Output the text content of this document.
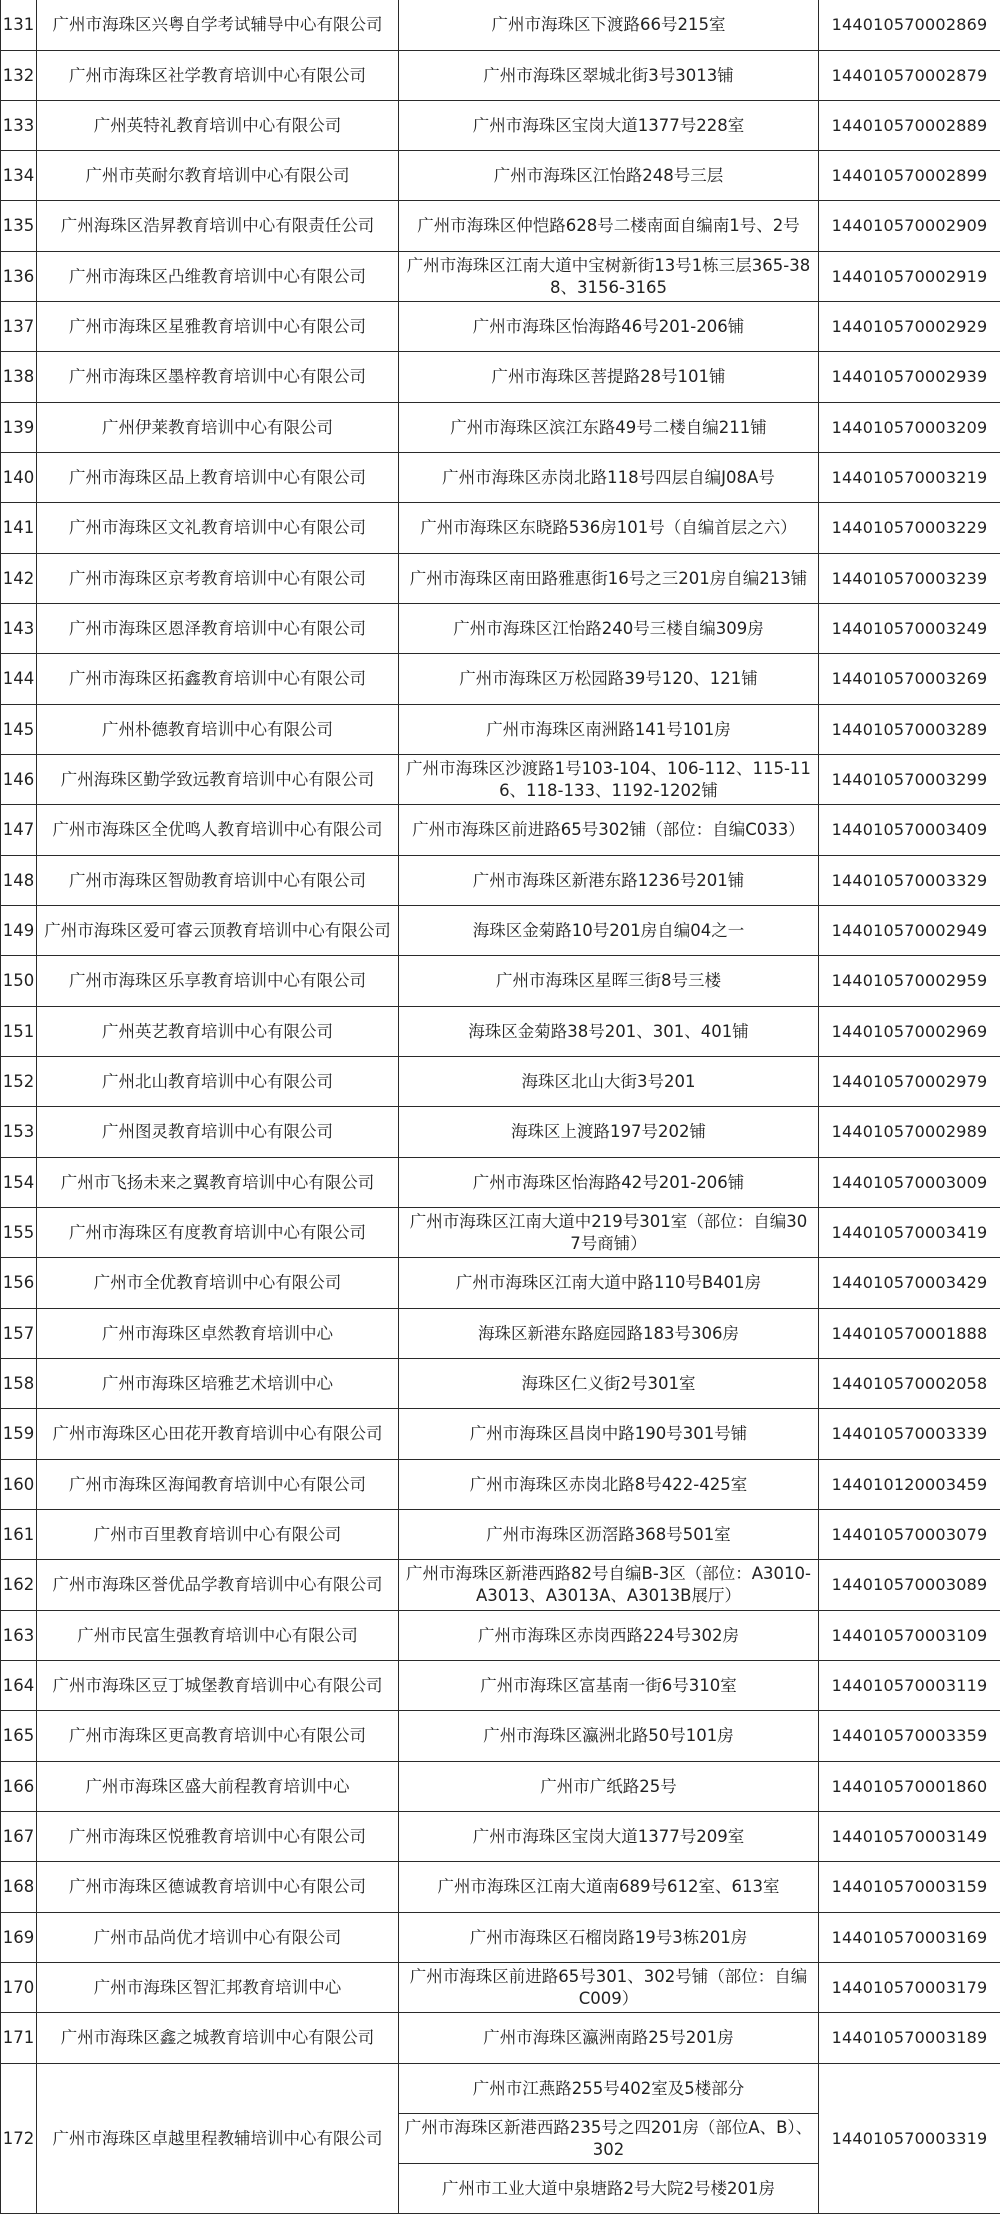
131	广州市海珠区兴粤自学考试辅导中心有限公司	广州市海珠区下渡路66号215室	144010570002869
132	广州市海珠区社学教育培训中心有限公司	广州市海珠区翠城北街3号3013铺	144010570002879
133	广州英特礼教育培训中心有限公司	广州市海珠区宝岗大道1377号228室	144010570002889
134	广州市英耐尔教育培训中心有限公司	广州市海珠区江怡路248号三层	144010570002899
135	广州海珠区浩昇教育培训中心有限责任公司	广州市海珠区仲恺路628号二楼南面自编南1号、2号	144010570002909
136	广州市海珠区凸维教育培训中心有限公司	广州市海珠区江南大道中宝树新街13号1栋三层365-388、3156-3165	144010570002919
137	广州市海珠区星雅教育培训中心有限公司	广州市海珠区怡海路46号201-206铺	144010570002929
138	广州市海珠区墨梓教育培训中心有限公司	广州市海珠区菩提路28号101铺	144010570002939
139	广州伊莱教育培训中心有限公司	广州市海珠区滨江东路49号二楼自编211铺	144010570003209
140	广州市海珠区品上教育培训中心有限公司	广州市海珠区赤岗北路118号四层自编J08A号	144010570003219
141	广州市海珠区文礼教育培训中心有限公司	广州市海珠区东晓路536房101号（自编首层之六）	144010570003229
142	广州市海珠区京考教育培训中心有限公司	广州市海珠区南田路雅惠街16号之三201房自编213铺	144010570003239
143	广州市海珠区恩泽教育培训中心有限公司	广州市海珠区江怡路240号三楼自编309房	144010570003249
144	广州市海珠区拓鑫教育培训中心有限公司	广州市海珠区万松园路39号120、121铺	144010570003269
145	广州朴德教育培训中心有限公司	广州市海珠区南洲路141号101房	144010570003289
146	广州海珠区勤学致远教育培训中心有限公司	广州市海珠区沙渡路1号103-104、106-112、115-116、118-133、1192-1202铺	144010570003299
147	广州市海珠区全优鸣人教育培训中心有限公司	广州市海珠区前进路65号302铺（部位：自编C033）	144010570003409
148	广州市海珠区智勋教育培训中心有限公司	广州市海珠区新港东路1236号201铺	144010570003329
149	广州市海珠区爱可睿云顶教育培训中心有限公司	海珠区金菊路10号201房自编04之一	144010570002949
150	广州市海珠区乐享教育培训中心有限公司	广州市海珠区星晖三街8号三楼	144010570002959
151	广州英艺教育培训中心有限公司	海珠区金菊路38号201、301、401铺	144010570002969
152	广州北山教育培训中心有限公司	海珠区北山大街3号201	144010570002979
153	广州图灵教育培训中心有限公司	海珠区上渡路197号202铺	144010570002989
154	广州市飞扬未来之翼教育培训中心有限公司	广州市海珠区怡海路42号201-206铺	144010570003009
155	广州市海珠区有度教育培训中心有限公司	广州市海珠区江南大道中219号301室（部位：自编307号商铺）	144010570003419
156	广州市全优教育培训中心有限公司	广州市海珠区江南大道中路110号B401房	144010570003429
157	广州市海珠区卓然教育培训中心	海珠区新港东路庭园路183号306房	144010570001888
158	广州市海珠区培雅艺术培训中心	海珠区仁义街2号301室	144010570002058
159	广州市海珠区心田花开教育培训中心有限公司	广州市海珠区昌岗中路190号301号铺	144010570003339
160	广州市海珠区海闻教育培训中心有限公司	广州市海珠区赤岗北路8号422-425室	144010120003459
161	广州市百里教育培训中心有限公司	广州市海珠区沥滘路368号501室	144010570003079
162	广州市海珠区誉优品学教育培训中心有限公司	广州市海珠区新港西路82号自编B-3区（部位：A3010-A3013、A3013A、A3013B展厅）	144010570003089
163	广州市民富生强教育培训中心有限公司	广州市海珠区赤岗西路224号302房	144010570003109
164	广州市海珠区豆丁城堡教育培训中心有限公司	广州市海珠区富基南一街6号310室	144010570003119
165	广州市海珠区更高教育培训中心有限公司	广州市海珠区瀛洲北路50号101房	144010570003359
166	广州市海珠区盛大前程教育培训中心	广州市广纸路25号	144010570001860
167	广州市海珠区悦雅教育培训中心有限公司	广州市海珠区宝岗大道1377号209室	144010570003149
168	广州市海珠区德诚教育培训中心有限公司	广州市海珠区江南大道南689号612室、613室	144010570003159
169	广州市品尚优才培训中心有限公司	广州市海珠区石榴岗路19号3栋201房	144010570003169
170	广州市海珠区智汇邦教育培训中心	广州市海珠区前进路65号301、302号铺（部位：自编C009）	144010570003179
171	广州市海珠区鑫之城教育培训中心有限公司	广州市海珠区瀛洲南路25号201房	144010570003189
172	广州市海珠区卓越里程教辅培训中心有限公司	广州市江燕路255号402室及5楼部分	144010570003319
		广州市海珠区新港西路235号之四201房（部位A、B）、302	
		广州市工业大道中泉塘路2号大院2号楼201房	
